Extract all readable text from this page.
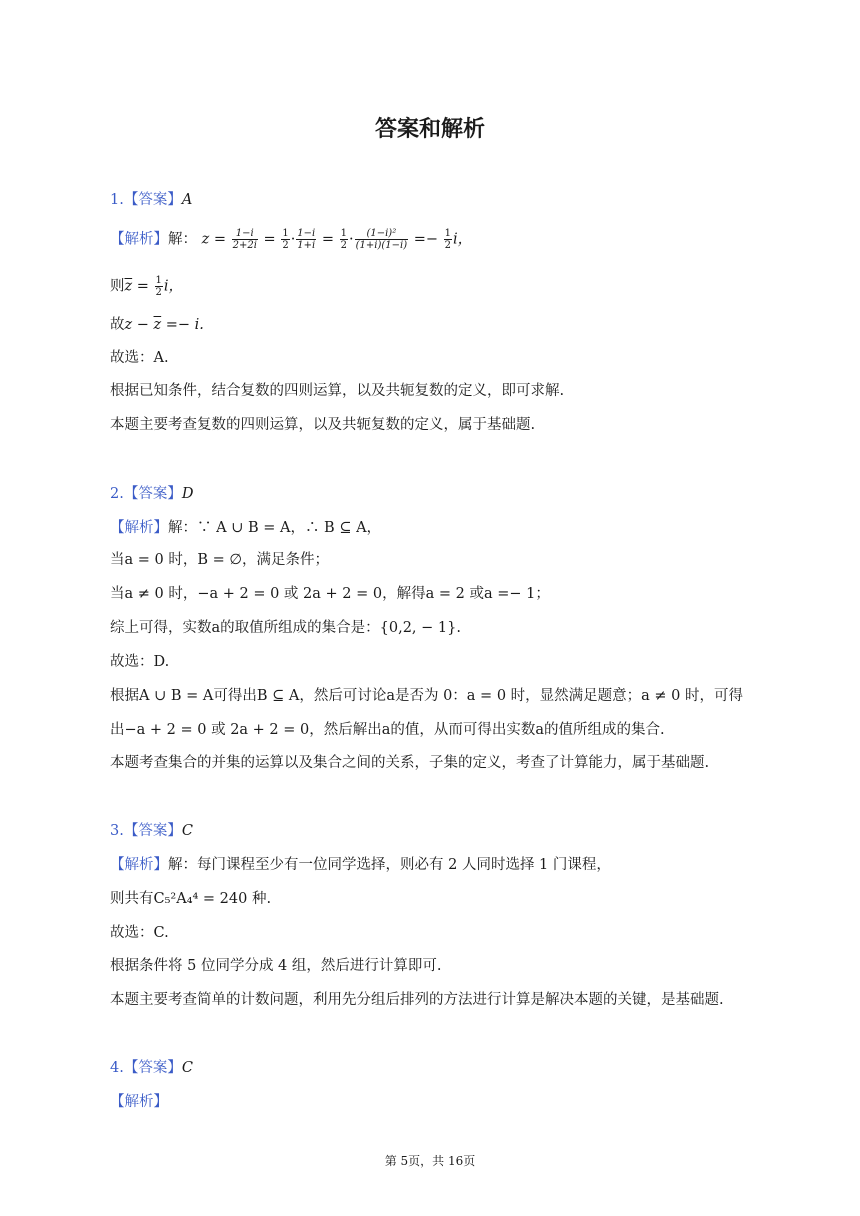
答案和解析
1.【答案】A
【解析】解： $z = \frac{1-i}{2+2i} = \frac{1}{2} \cdot \frac{1-i}{1+i} = \frac{1}{2} \cdot \frac{\text{(1−i)²}}{(1+i)(1-i)} =- \frac{1}{2}$ i，
则$\overline{z} = \frac{1}{2}$ i，
故$z - \overline{z} =- i$.
故选：A.
根据已知条件，结合复数的四则运算，以及共轭复数的定义，即可求解.
本题主要考查复数的四则运算，以及共轭复数的定义，属于基础题.
2.【答案】D
【解析】解：∵ A ∪ B = A，∴ B ⊆ A，
当a = 0 时，B = ∅，满足条件；
当a ≠ 0 时，−a + 2 = 0 或 2a + 2 = 0，解得a = 2 或a =− 1；
综上可得，实数a的取值所组成的集合是：{0,2, − 1}.
故选：D.
根据A ∪ B = A可得出B ⊆ A，然后可讨论a是否为 0：a = 0 时，显然满足题意；a ≠ 0 时，可得
出−a + 2 = 0 或 2a + 2 = 0，然后解出a的值，从而可得出实数a的值所组成的集合.
本题考查集合的并集的运算以及集合之间的关系，子集的定义，考查了计算能力，属于基础题.
3.【答案】C
【解析】解：每门课程至少有一位同学选择，则必有 2 人同时选择 1 门课程，
则共有C₅²A₄⁴ = 240 种.
故选：C.
根据条件将 5 位同学分成 4 组，然后进行计算即可.
本题主要考查简单的计数问题，利用先分组后排列的方法进行计算是解决本题的关键，是基础题.
4.【答案】C
【解析】
第 5页，共 16页
